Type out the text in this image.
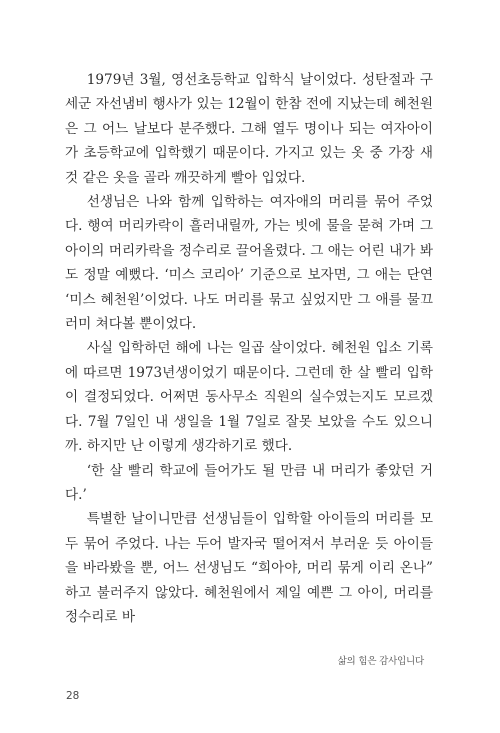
1979년 3월, 영선초등학교 입학식 날이었다. 성탄절과 구세군 자선냄비 행사가 있는 12월이 한참 전에 지났는데 혜천원은 그 어느 날보다 분주했다. 그해 열두 명이나 되는 여자아이가 초등학교에 입학했기 때문이다. 가지고 있는 옷 중 가장 새것 같은 옷을 골라 깨끗하게 빨아 입었다.

선생님은 나와 함께 입학하는 여자애의 머리를 묶어 주었다. 행여 머리카락이 흘러내릴까, 가는 빗에 물을 묻혀 가며 그 아이의 머리카락을 정수리로 끌어올렸다. 그 애는 어린 내가 봐도 정말 예뻤다. ‘미스 코리아’ 기준으로 보자면, 그 애는 단연 ‘미스 혜천원’이었다. 나도 머리를 묶고 싶었지만 그 애를 물끄러미 쳐다볼 뿐이었다.

사실 입학하던 해에 나는 일곱 살이었다. 혜천원 입소 기록에 따르면 1973년생이었기 때문이다. 그런데 한 살 빨리 입학이 결정되었다. 어쩌면 동사무소 직원의 실수였는지도 모르겠다. 7월 7일인 내 생일을 1월 7일로 잘못 보았을 수도 있으니까. 하지만 난 이렇게 생각하기로 했다.

‘한 살 빨리 학교에 들어가도 될 만큼 내 머리가 좋았던 거다.’

특별한 날이니만큼 선생님들이 입학할 아이들의 머리를 모두 묶어 주었다. 나는 두어 발자국 떨어져서 부러운 듯 아이들을 바라봤을 뿐, 어느 선생님도 “희아야, 머리 묶게 이리 온나” 하고 불러주지 않았다. 혜천원에서 제일 예쁜 그 아이, 머리를 정수리로 바

삶의 힘은 감사입니다
28
